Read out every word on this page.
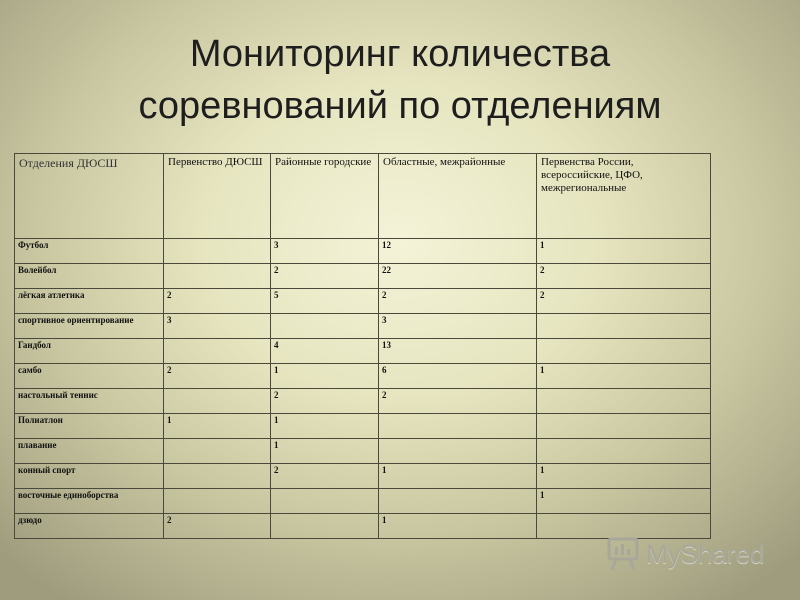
Мониторинг количества
соревнований по отделениям
Отделения ДЮСШ	Первенство ДЮСШ	Районные городские	Областные, межрайонные	Первенства России, всероссийские, ЦФО, межрегиональные
Футбол		3	12	1
Волейбол		2	22	2
лёгкая атлетика	2	5	2	2
спортивное ориентирование	3		3	
Гандбол		4	13	
самбо	2	1	6	1
настольный теннис		2	2	
Полиатлон	1	1		
плавание		1		
конный спорт		2	1	1
восточные единоборства				1
дзюдо	2		1	
MyShared
